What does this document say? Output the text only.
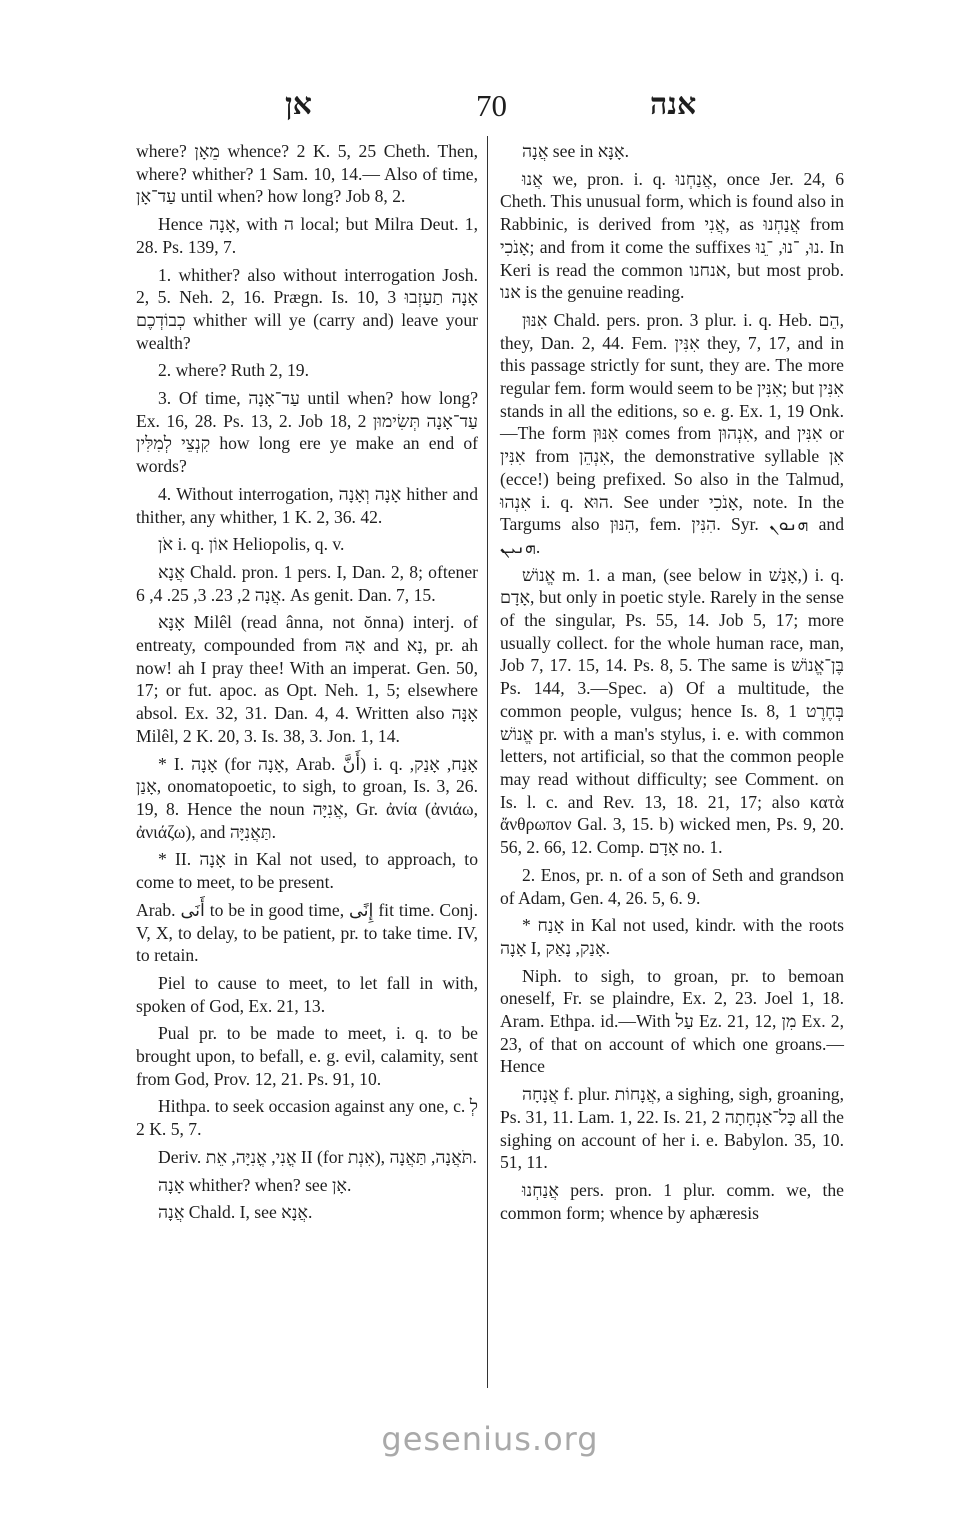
אן	70	אנה

where? מֵאָן whence? 2 K. 5, 25 Cheth. Then, where? whither? 1 Sam. 10, 14.— Also of time, עַד־אָן until when? how long? Job 8, 2.

Hence אָנָה, with ה local; but Milra Deut. 1, 28. Ps. 139, 7.

1. whither? also without interrogation Josh. 2, 5. Neh. 2, 16. Prægn. Is. 10, 3 אָנָה תַעַזְבוּ כְבוֹדְכֶם whither will ye (carry and) leave your wealth?

2. where? Ruth 2, 19.

3. Of time, עַד־אָנָה until when? how long? Ex. 16, 28. Ps. 13, 2. Job 18, 2 עַד־אָנָה תְּשִׂימוּן קִנְצֵי לְמִלִּין how long ere ye make an end of words?

4. Without interrogation, אָנָה וְאָנָה hither and thither, any whither, 1 K. 2, 36. 42.

אֹן i. q. אוֹן Heliopolis, q. v.

אֲנָא Chald. pron. 1 pers. I, Dan. 2, 8; oftener אֲנָה 2, 23. 3, 25. 4, 6. As genit. Dan. 7, 15.

אָנָּא Milêl (read ânna, not ŏnna) interj. of entreaty, compounded from אָהּ and נָא, pr. ah now! ah I pray thee! With an imperat. Gen. 50, 17; or fut. apoc. as Opt. Neh. 1, 5; elsewhere absol. Ex. 32, 31. Dan. 4, 4. Written also אָנָּה Milêl, 2 K. 20, 3. Is. 38, 3. Jon. 1, 14.

* I. אָנָה (for אָנָה, Arab. أَنَّ) i. q. אָנַח, אָנַק, אָנַן, onomatopoetic, to sigh, to groan, Is. 3, 26. 19, 8. Hence the noun אֲנִיָּה, Gr. ἀνία (ἀνιάω, ἀνιάζω), and תַּאֲנִיָּה.

* II. אָנָה in Kal not used, to approach, to come to meet, to be present.

Arab. أَنَى to be in good time, إِنًى fit time. Conj. V, X, to delay, to be patient, pr. to take time. IV, to retain.

Piel to cause to meet, to let fall in with, spoken of God, Ex. 21, 13.

Pual pr. to be made to meet, i. q. to be brought upon, to befall, e. g. evil, calamity, sent from God, Prov. 12, 21. Ps. 91, 10.

Hithpa. to seek occasion against any one, c. לְ 2 K. 5, 7.

Deriv. אֳנִי, אֳנִיָּה, אֵת II (for אִנְת), תֹּאֲנָה, תַּאֲנָה.

אָנָה whither? when? see אָן.

אֲנָה Chald. I, see אֲנָא.

אֲנָה see in אָנָּא.

אֲנוּ we, pron. i. q. אֲנַחְנוּ, once Jer. 24, 6 Cheth. This unusual form, which is found also in Rabbinic, is derived from אֲנִי, as אֲנַחְנוּ from אָנֹכִי; and from it come the suffixes נוּ, ־נוּ, ־ֵנוּ. In Keri is read the common אנחנו, but most prob. אנו is the genuine reading.

אִנּוּן Chald. pers. pron. 3 plur. i. q. Heb. הֵם, they, Dan. 2, 44. Fem. אִנִּין they, 7, 17, and in this passage strictly for sunt, they are. The more regular fem. form would seem to be אִנִּין; but אִנִּין stands in all the editions, so e. g. Ex. 1, 19 Onk.—The form אִנּוּן comes from אִנְהוּן, and אִנִּין or אִנִּין from אִנְהֵן, the demonstrative syllable אִן (ecce!) being prefixed. So also in the Talmud, אִנְהוּ i. q. הוּא. See under אָנֹכִי, note. In the Targums also הִנּוּן, fem. הִנִּין. Syr. ܗܢܘܢ and ܗܢܝܢ.

אֱנוֹשׁ m. 1. a man, (see below in אָנַשׁ,) i. q. אָדָם, but only in poetic style. Rarely in the sense of the singular, Ps. 55, 14. Job 5, 17; more usually collect. for the whole human race, man, Job 7, 17. 15, 14. Ps. 8, 5. The same is בֶּן־אֱנוֹשׁ Ps. 144, 3.—Spec. a) Of a multitude, the common people, vulgus; hence Is. 8, 1 בְּחֶרֶט אֱנוֹשׁ pr. with a man's stylus, i. e. with common letters, not artificial, so that the common people may read without difficulty; see Comment. on Is. l. c. and Rev. 13, 18. 21, 17; also κατὰ ἄνθρωπον Gal. 3, 15. b) wicked men, Ps. 9, 20. 56, 2. 66, 12. Comp. אָדָם no. 1.

2. Enos, pr. n. of a son of Seth and grandson of Adam, Gen. 4, 26. 5, 6. 9.

* אָנַח in Kal not used, kindr. with the roots אָנָה I, אָנַק, נָאַק.

Niph. to sigh, to groan, pr. to bemoan oneself, Fr. se plaindre, Ex. 2, 23. Joel 1, 18. Aram. Ethpa. id.—With עַל Ez. 21, 12, מִן Ex. 2, 23, of that on account of which one groans.—Hence

אֲנָחָה f. plur. אֲנָחוֹת, a sighing, sigh, groaning, Ps. 31, 11. Lam. 1, 22. Is. 21, 2 כָּל־אַנְחָתָה all the sighing on account of her i. e. Babylon. 35, 10. 51, 11.

אֲנַחְנוּ pers. pron. 1 plur. comm. we, the common form; whence by aphæresis

gesenius.org
